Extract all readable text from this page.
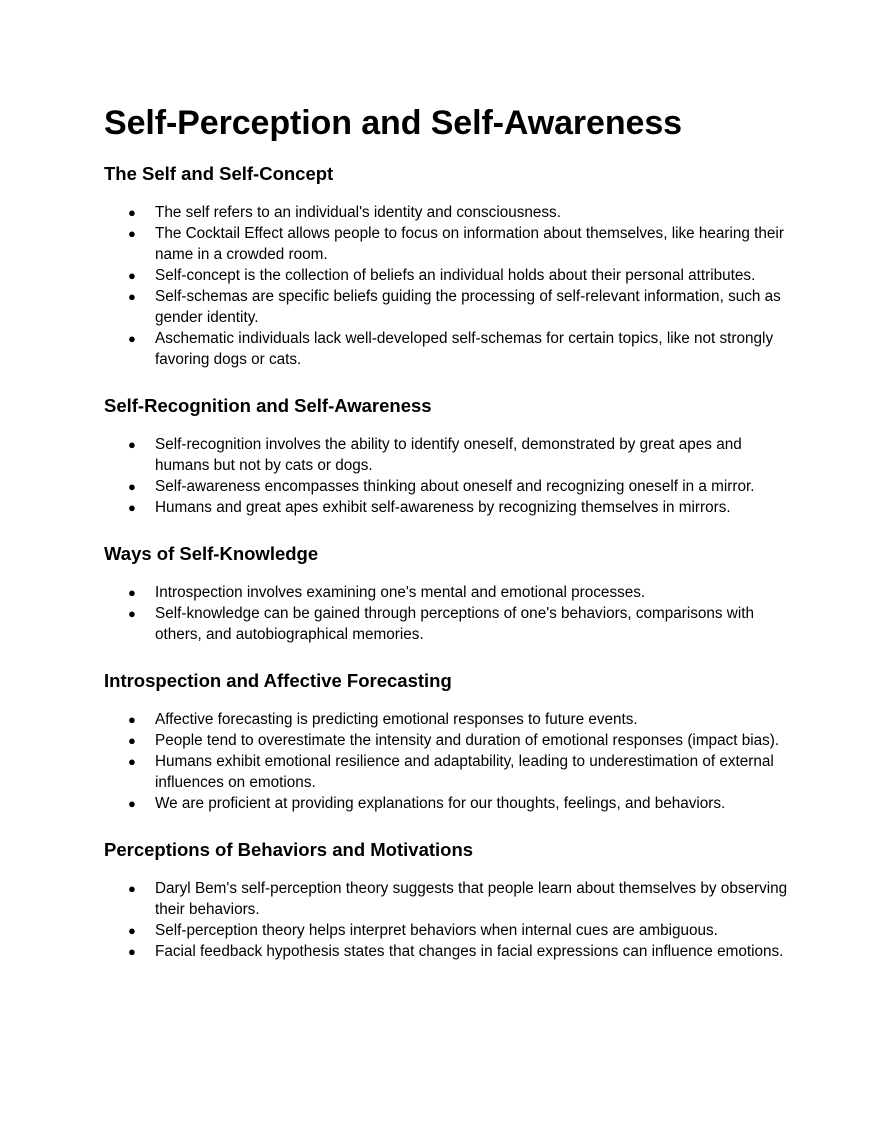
Self-Perception and Self-Awareness
The Self and Self-Concept
● The self refers to an individual's identity and consciousness.
● The Cocktail Effect allows people to focus on information about themselves, like hearing their name in a crowded room.
● Self-concept is the collection of beliefs an individual holds about their personal attributes.
● Self-schemas are specific beliefs guiding the processing of self-relevant information, such as gender identity.
● Aschematic individuals lack well-developed self-schemas for certain topics, like not strongly favoring dogs or cats.
Self-Recognition and Self-Awareness
● Self-recognition involves the ability to identify oneself, demonstrated by great apes and humans but not by cats or dogs.
● Self-awareness encompasses thinking about oneself and recognizing oneself in a mirror.
● Humans and great apes exhibit self-awareness by recognizing themselves in mirrors.
Ways of Self-Knowledge
● Introspection involves examining one's mental and emotional processes.
● Self-knowledge can be gained through perceptions of one's behaviors, comparisons with others, and autobiographical memories.
Introspection and Affective Forecasting
● Affective forecasting is predicting emotional responses to future events.
● People tend to overestimate the intensity and duration of emotional responses (impact bias).
● Humans exhibit emotional resilience and adaptability, leading to underestimation of external influences on emotions.
● We are proficient at providing explanations for our thoughts, feelings, and behaviors.
Perceptions of Behaviors and Motivations
● Daryl Bem's self-perception theory suggests that people learn about themselves by observing their behaviors.
● Self-perception theory helps interpret behaviors when internal cues are ambiguous.
● Facial feedback hypothesis states that changes in facial expressions can influence emotions.
